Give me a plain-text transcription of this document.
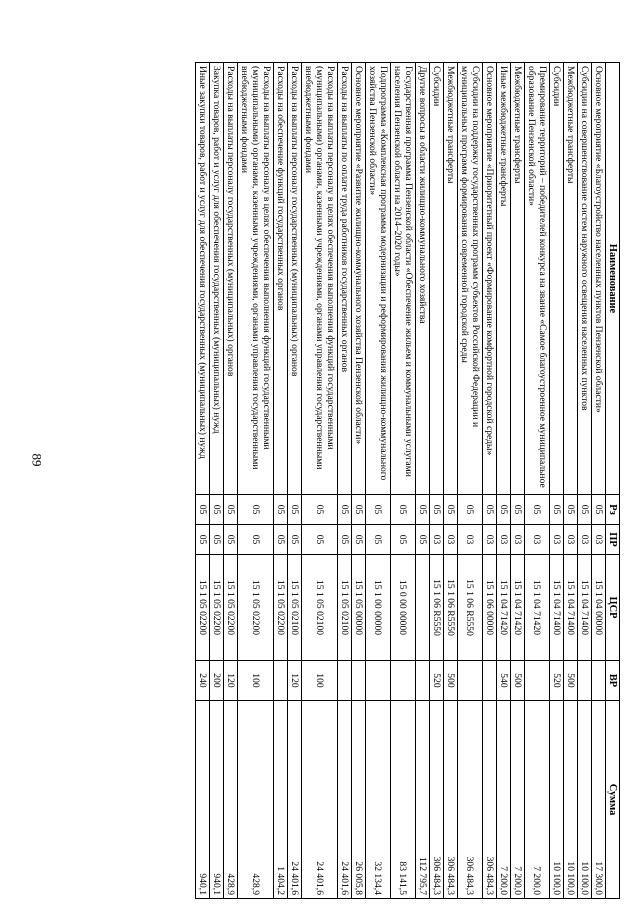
89
Наименование	Рз	ПР	ЦСР	ВР	Сумма
Основное мероприятие «Благоустройство населенных пунктов Пензенской области»	05	03	15 1 04 00000		17 300,0
Субсидии на совершенствование систем наружного освещения населенных пунктов	05	03	15 1 04 71400		10 100,0
Межбюджетные трансферты	05	03	15 1 04 71400	500	10 100,0
Субсидии	05	03	15 1 04 71400	520	10 100,0
Премирование территорий – победителей конкурса на звание «Самое благоустроенное муниципальное образование Пензенской области»	05	03	15 1 04 71420		7 200,0
Межбюджетные трансферты	05	03	15 1 04 71420	500	7 200,0
Иные межбюджетные трансферты	05	03	15 1 04 71420	540	7 200,0
Основное мероприятие «Приоритетный проект «Формирование комфортной городской среды»	05	03	15 1 06 00000		306 484,3
Субсидии на поддержку государственных программ субъектов Российской Федерации и муниципальных программ формирования современной городской среды	05	03	15 1 06 R5550		306 484,3
Межбюджетные трансферты	05	03	15 1 06 R5550	500	306 484,3
Субсидии	05	03	15 1 06 R5550	520	306 484,3
Другие вопросы в области жилищно-коммунального хозяйства	05	05			112 795,7
Государственная программа Пензенской области «Обеспечение жильем и коммунальными услугами населения Пензенской области на 2014–2020 годы»	05	05	15 0 00 00000		83 141,5
Подпрограмма «Комплексная программа модернизации и реформирования жилищно-коммунального хозяйства Пензенской области»	05	05	15 1 00 00000		32 134,4
Основное мероприятие «Развитие жилищно-коммунального хозяйства Пензенской области»	05	05	15 1 05 00000		26 005,8
Расходы на выплаты по оплате труда работников государственных органов	05	05	15 1 05 02100		24 401,6
Расходы на выплаты персоналу в целях обеспечения выполнения функций государственными (муниципальными) органами, казенными учреждениями, органами управления государственными внебюджетными фондами	05	05	15 1 05 02100	100	24 401,6
Расходы на выплаты персоналу государственных (муниципальных) органов	05	05	15 1 05 02100	120	24 401,6
Расходы на обеспечение функций государственных органов	05	05	15 1 05 02200		1 404,2
Расходы на выплаты персоналу в целях обеспечения выполнения функций государственными (муниципальными) органами, казенными учреждениями, органами управления государственными внебюджетными фондами	05	05	15 1 05 02200	100	428,9
Расходы на выплаты персоналу государственных (муниципальных) органов	05	05	15 1 05 02200	120	428,9
Закупка товаров, работ и услуг для обеспечения государственных (муниципальных) нужд	05	05	15 1 05 02200	200	940,1
Иные закупки товаров, работ и услуг для обеспечения государственных (муниципальных) нужд	05	05	15 1 05 02200	240	940,1
